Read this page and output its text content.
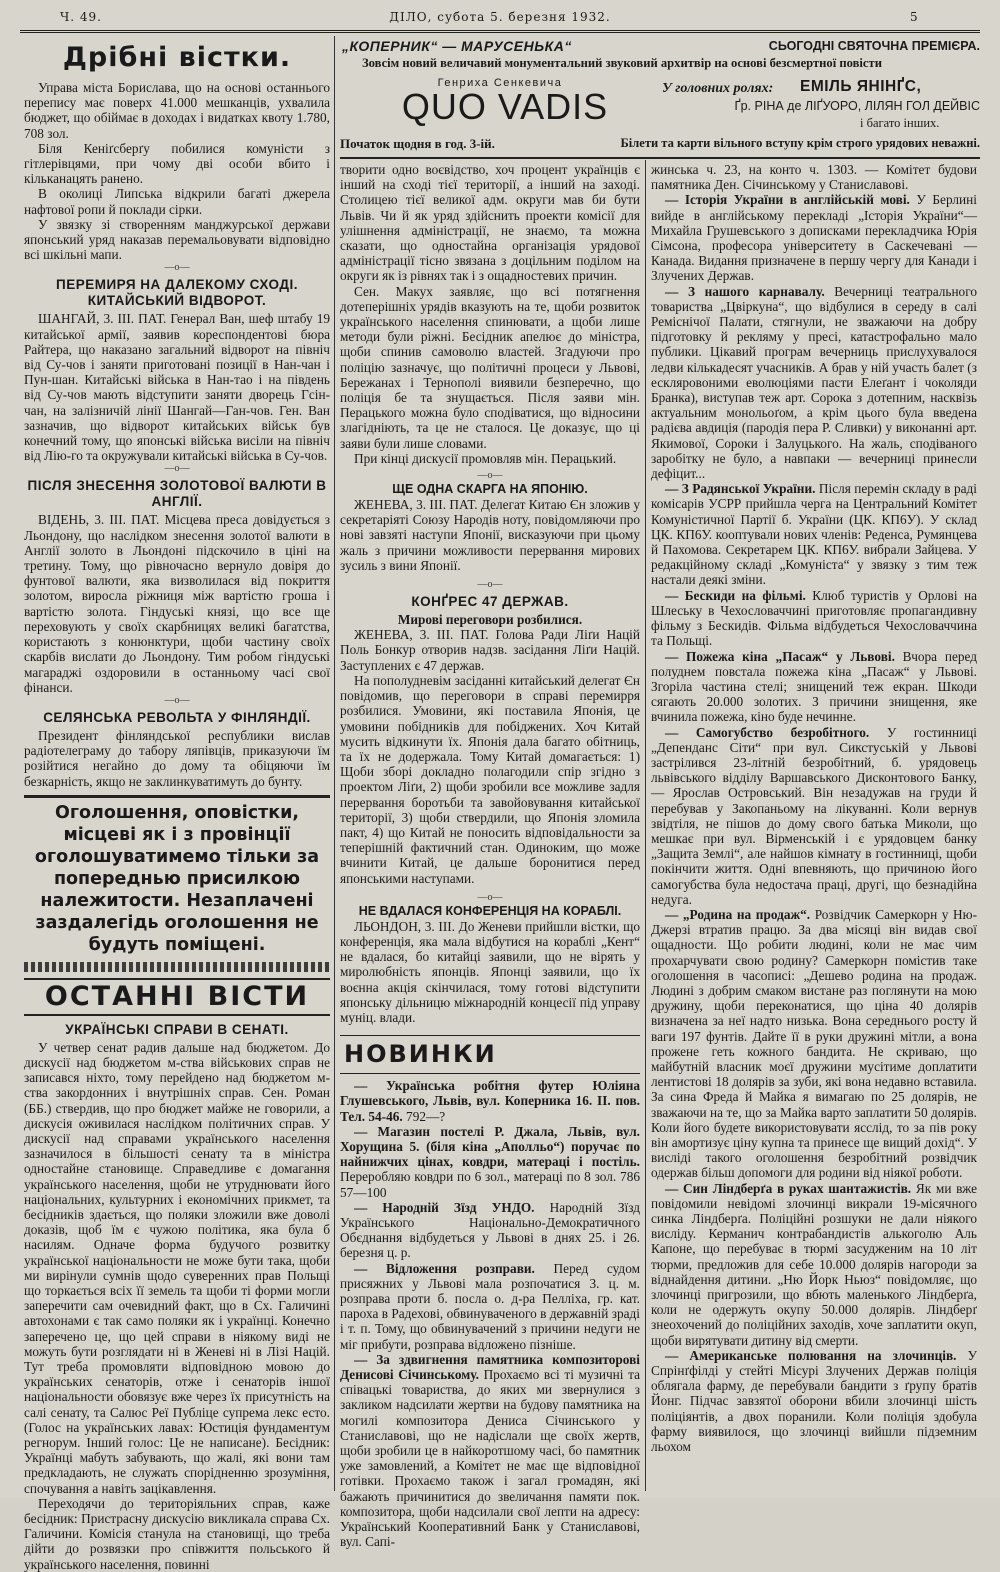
Ч. 49.	ДІЛО, субота 5. березня 1932.	5
Дрібні вістки.

Управа міста Борислава, що на основі останнього перепису має поверх 41.000 мешканців, ухвалила бюджет, що обіймає в доходах і видатках квоту 1.780, 708 зол.

Біля Кеніґсберґу побилися комуністи з гітлерівцями, при чому дві особи вбито і кільканацять ранено.

В околиці Липська відкрили багаті джерела нафтової ропи й поклади сірки.

У звязку зі створенням манджурської держави японський уряд наказав перемальовувати відповідно всі шкільні мапи.

—o—
ПЕРЕМИРЯ НА ДАЛЕКОМУ СХОДІ. КИТАЙСЬКИЙ ВІДВОРОТ.

ШАНГАЙ, 3. ІІІ. ПАТ. Генерал Ван, шеф штабу 19 китайської армії, заявив кореспондентові бюра Райтера, що наказано загальний відворот на північ від Су-чов і заняти приготовані позиції в Нан-чан і Пун-шан. Китайські війська в Нан-тао і на південь від Су-чов мають відступити заняти дворець Гсін-чан, на залізничій лінії Шангай—Ган-чов. Ген. Ван зазначив, що відворот китайських військ був конечний тому, що японські війська висіли на північ від Лію-го та окружували китайські війська в Су-чов.

—o—
ПІСЛЯ ЗНЕСЕННЯ ЗОЛОТОВОЇ ВАЛЮТИ В АНГЛІЇ.

ВІДЕНЬ, 3. ІІІ. ПАТ. Місцева преса довідується з Льондону, що наслідком знесення золотої валюти в Англії золото в Льондоні підскочило в ціні на третину. Тому, що рівночасно вернуло довіря до фунтової валюти, яка визволилася від покриття золотом, виросла ріжниця між вартістю гроша і вартістю золота. Гіндуські князі, що все ще переховують у своїх скарбницях великі багатства, користають з конюнктури, щоби частину своїх скарбів вислати до Льондону. Тим робом гіндуські магараджі оздоровили в останньому часі свої фінанси.

—o—
СЕЛЯНСЬКА РЕВОЛЬТА У ФІНЛЯНДІЇ.

Президент фінляндської республики вислав радіотелеграму до табору ляпівців, приказуючи їм розійтися негайно до дому та обіцяючи їм безкарність, якщо не заклинкуватимуть до бунту.

Оголошення, оповістки, місцеві як і з провінції оголошуватимемо тільки за попереднью присилкою належитости. Незаплачені заздалегідь оголошення не будуть поміщені.
ОСТАННІ ВІСТИ
УКРАЇНСЬКІ СПРАВИ В СЕНАТІ.

У четвер сенат радив дальше над бюджетом. До дискусії над бюджетом м-ства військових справ не записався ніхто, тому перейдено над бюджетом м-ства закордонних і внутрішніх справ. Сен. Роман (ББ.) ствердив, що про бюджет майже не говорили, а дискусія оживилася наслідком політичних справ. У дискусії над справами українського населення зазначилося в більшості сенату та в міністра одностайне становище. Справедливе є домагання українського населення, щоби не утруднювати його національних, культурних і економічних прикмет, та бесідників здається, що поляки зложили вже доволі доказів, щоб їм є чужою політика, яка була б насилям. Одначе форма будучого розвитку української національности не може бути така, щоби ми вирінули сумнів щодо суверенних прав Польщі що торкається всіх її земель та щоби ті форми могли заперечити сам очевидний факт, що в Сх. Галичині автохонами є так само поляки як і українці. Конечно заперечено це, що цей справи в ніякому виді не можуть бути розглядати ні в Женеві ні в Лізі Націй. Тут треба промовляти відповідною мовою до українських сенаторів, отже і сенаторів іншої національности обовязує вже через їх присутність на салі сенату, та Салюс Реї Публіце супрема лекс есто. (Голос на українських лавах: Юстиція фундаментум регнорум. Інший голос: Це не написане). Бесідник: Українці мабуть забувають, що жалі, які вони там предкладають, не служать спорідненню зрозуміння, спочування а навіть зацікавлення.

Переходячи до територіяльних справ, каже бесідник: Пристрасну дискусію викликала справа Сх. Галичини. Комісія станула на становищі, що треба дійти до розвязки про співжиття польського й українського населення, повинні

„КОПЕРНИК“ — МАРУСЕНЬКА“	СЬОГОДНІ СВЯТОЧНА ПРЕМІЄРА.
Зовсім новий величавий монументальний звуковий архитвір на основі безсмертної повісти
Генриха Сенкевича
QUO VADIS	У головних ролях: ЕМІЛЬ ЯНІНҐС,
Ґр. РІНА де ЛІҐУОРО, ЛІЛЯН ГОЛ ДЕЙВІС
і багато інших.
Початок щодня в год. 3-ій.	Білети та карти вільного вступу крім строго урядових неважні.

творити одно воєвідство, хоч процент українців є інший на сході тієї території, а інший на заході. Столицею тієї великої адм. округи мав би бути Львів. Чи й як уряд здійснить проекти комісії для улішнення адміністрації, не знаємо, та можна сказати, що одностайна організація урядової адміністрації тісно звязана з доцільним поділом на округи як із рівнях так і з ощадностевих причин.

Сен. Макух заявляє, що всі потягнення дотеперішніх урядів вказують на те, щоби розвиток українського населення спинювати, а щоби лише методи були ріжні. Бесідник апелює до міністра, щоби спинив самоволю властей. Згадуючи про поліцію зазначує, що політичні процеси у Львові, Бережанах і Тернополі виявили безперечно, що поліція бе та знущається. Після заяви мін. Перацького можна було сподіватися, що відносини злагідніють, та це не сталося. Це доказує, що ці заяви були лише словами.

При кінці дискусії промовляв мін. Перацький.

—o—
ЩЕ ОДНА СКАРГА НА ЯПОНІЮ.

ЖЕНЕВА, 3. ІІІ. ПАТ. Делегат Китаю Єн зложив у секретаріяті Союзу Народів ноту, повідомляючи про нові завзяті наступи Японії, висказуючи при цьому жаль з причини можливости перервання мирових зусиль з вини Японії.

—o—
КОНҐРЕС 47 ДЕРЖАВ.
Мирові переговори розбилися.

ЖЕНЕВА, 3. ІІІ. ПАТ. Голова Ради Ліґи Націй Поль Бонкур отворив надзв. засідання Ліґи Націй. Заступлених є 47 держав.

На пополудневім засіданні китайський делегат Єн повідомив, що переговори в справі перемирря розбилися. Умовини, які поставила Японія, це умовини побідників для побіджених. Хоч Китай мусить відкинути їх. Японія дала багато обітниць, та їх не додержала. Тому Китай домагається: 1) Щоби зборі докладно полагодили спір згідно з проектом Ліґи, 2) щоби зробили все можливе задля перервання боротьби та завойовування китайської території, 3) щоби ствердили, що Японія зломила пакт, 4) що Китай не поносить відповідальности за теперішній фактичний стан. Одиноким, що може вчинити Китай, це дальше боронитися перед японськими наступами.

—o—
НЕ ВДАЛАСЯ КОНФЕРЕНЦІЯ НА КОРАБЛІ.

ЛЬОНДОН, 3. ІІІ. До Женеви прийшли вістки, що конференція, яка мала відбутися на кораблі „Кент“ не вдалася, бо китайці заявили, що не вірять у миролюбність японців. Японці заявили, що їх воєнна акція скінчилася, тому готові відступити японську дільницю міжнародній концесії під управу муніц. влади.

НОВИНКИ

— Українська робітня футер Юліяна Глушевського, Львів, вул. Коперника 16. ІІ. пов. Тел. 54-46. 792—?

— Магазин постелі Р. Джала, Львів, вул. Хорущина 5. (біля кіна „Аполльо“) поручає по найнижчих цінах, ковдри, матераці і постіль. Переробляю ковдри по 6 зол., матераці по 8 зол. 786 57—100

— Народній Зїзд УНДО. Народній Зїзд Українського Національно-Демократичного Обєднання відбудеться у Львові в днях 25. і 26. березня ц. р.

— Відложення розправи. Перед судом присяжних у Львові мала розпочатися 3. ц. м. розправа проти б. посла о. д-ра Пелліха, гр. кат. пароха в Радехові, обвинуваченого в державній зраді і т. п. Тому, що обвинувачений з причини недуги не міг прибути, розправа відложено пізніше.

— За здвигнення памятника композиторові Денисові Січинському. Прохаємо всі ті музичні та співацькі товариства, до яких ми звернулися з закликом надсилати жертви на будову памятника на могилі композитора Дениса Січинського у Станиславові, що не надіслали ще своїх жертв, щоби зробили це в найкоротшому часі, бо памятник уже замовлений, а Комітет не має ще відповідної готівки. Прохаємо також і загал громадян, які бажають причинитися до звеличання памяти пок. композитора, щоби надсилали свої лепти на адресу: Український Кооперативний Банк у Станиславові, вул. Сапі-

жинська ч. 23, на конто ч. 1303. — Комітет будови памятника Ден. Січинському у Станиславові.

— Історія України в англійській мові. У Берлині вийде в англійському перекладі „Історія України“—Михайла Грушевського з дописками перекладчика Юрія Сімсона, професора університету в Саскечевані — Канада. Видання призначене в першу чергу для Канади і Злучених Держав.

— З нашого карнавалу. Вечерниці театрального товариства „Цвіркуна“, що відбулися в середу в салі Реміснічої Палати, стягнули, не зважаючи на добру підготовку й рекляму у пресі, катастрофально мало публики. Цікавий програм вечерниць прислухувалося ледви кількадесят учасників. А брав у ній участь балет (з ескляровоними еволюціями пасти Елеґант і чоколяди Бранка), виступав теж арт. Сорока з дотепним, насквізь актуальним монольоґом, а крім цього була введена радієва авдиція (пародія пера Р. Сливки) у виконанні арт. Якимової, Сороки і Залуцького. На жаль, сподіваного заробітку не було, а навпаки — вечерниці принесли дефіцит...

— З Радянської України. Після перемін складу в раді комісарів УСРР прийшла черга на Центральний Комітет Комуністичної Партії б. України (ЦК. КП6У). У склад ЦК. КП6У. кооптували нових членів: Реденса, Румянцева й Пахомова. Секретарем ЦК. КП6У. вибрали Зайцева. У редакційному складі „Комуніста“ у звязку з тим теж настали деякі зміни.

— Бескиди на фільмі. Клюб туристів у Орлові на Шлеську в Чехословаччині приготовляє пропагандивну фільму з Бескидів. Фільма відбудеться Чехословаччина та Польщі.

— Пожежа кіна „Пасаж“ у Львові. Вчора перед полуднем повстала пожежа кіна „Пасаж“ у Львові. Згоріла частина стелі; знищений теж екран. Шкоди сягають 20.000 золотих. З причини знищення, яке вчинила пожежа, кіно буде нечинне.

— Самогубство безробітного. У гостинниці „Депенданс Сіти“ при вул. Сикстуській у Львові застрілився 23-літній безробітний, б. урядовець львівського відділу Варшавського Дисконтового Банку, — Ярослав Островський. Він незадужав на груди й перебував у Закопаньому на лікуванні. Коли вернув звідтіля, не пішов до дому свого батька Миколи, що мешкає при вул. Вірменській і є урядовцем банку „Защита Землі“, але найшов кімнату в гостинниці, щоби покінчити життя. Одні впевняють, що причиною його самогубства була недостача праці, другі, що безнадійна недуга.

— „Родина на продаж“. Розвідчик Самеркорн у Ню-Джерзі втратив працю. За два місяці він видав свої ощадности. Що робити людині, коли не має чим прохарчувати свою родину? Самеркорн помістив таке оголошення в часописі: „Дешево родина на продаж. Людині з добрим смаком вистане раз поглянути на мою дружину, щоби переконатися, що ціна 40 долярів визначена за неї надто низька. Вона середнього росту й ваги 197 фунтів. Дайте її в руки дружині мітли, а вона прожене геть кожного бандита. Не скриваю, що майбутній власник моєї дружини мусітиме доплатити лентистові 18 долярів за зуби, які вона недавно вставила. За сина Фреда й Майка я вимагаю по 25 долярів, не зважаючи на те, що за Майка варто заплатити 50 долярів. Коли його будете використовувати ясслід, то за пів року він амортизує ціну купна та принесе ще вищий дохід“. У висліді такого оголошення безробітний розвідчик одержав більш допомоги для родини від ніякої роботи.

— Син Ліндберґа в руках шантажистів. Як ми вже повідомили невідомі злочинці викрали 19-місячного синка Ліндберґа. Поліційні розшуки не дали ніякого висліду. Керманич контрабандистів алькоголю Аль Капоне, що перебуває в тюрмі засудженим на 10 літ тюрми, предложив для себе 10.000 долярів нагороди за віднайдення дитини. „Ню Йорк Ньюз“ повідомляє, що злочинці пригрозили, що вбють маленького Ліндберґа, коли не одержуть окупу 50.000 долярів. Ліндберґ знеохочений до поліційних заходів, хоче заплатити окуп, щоби вирятувати дитину від смерти.

— Американське полювання на злочинців. У Спрінґфілді у стейті Місурі Злучених Держав поліція облягала фарму, де перебували бандити з ґрупу братів Йонг. Підчас завзятої оборони вбили злочинці шість поліціянтів, а двох поранили. Коли поліція здобула фарму виявилося, що злочинці вийшли підземним льохом
